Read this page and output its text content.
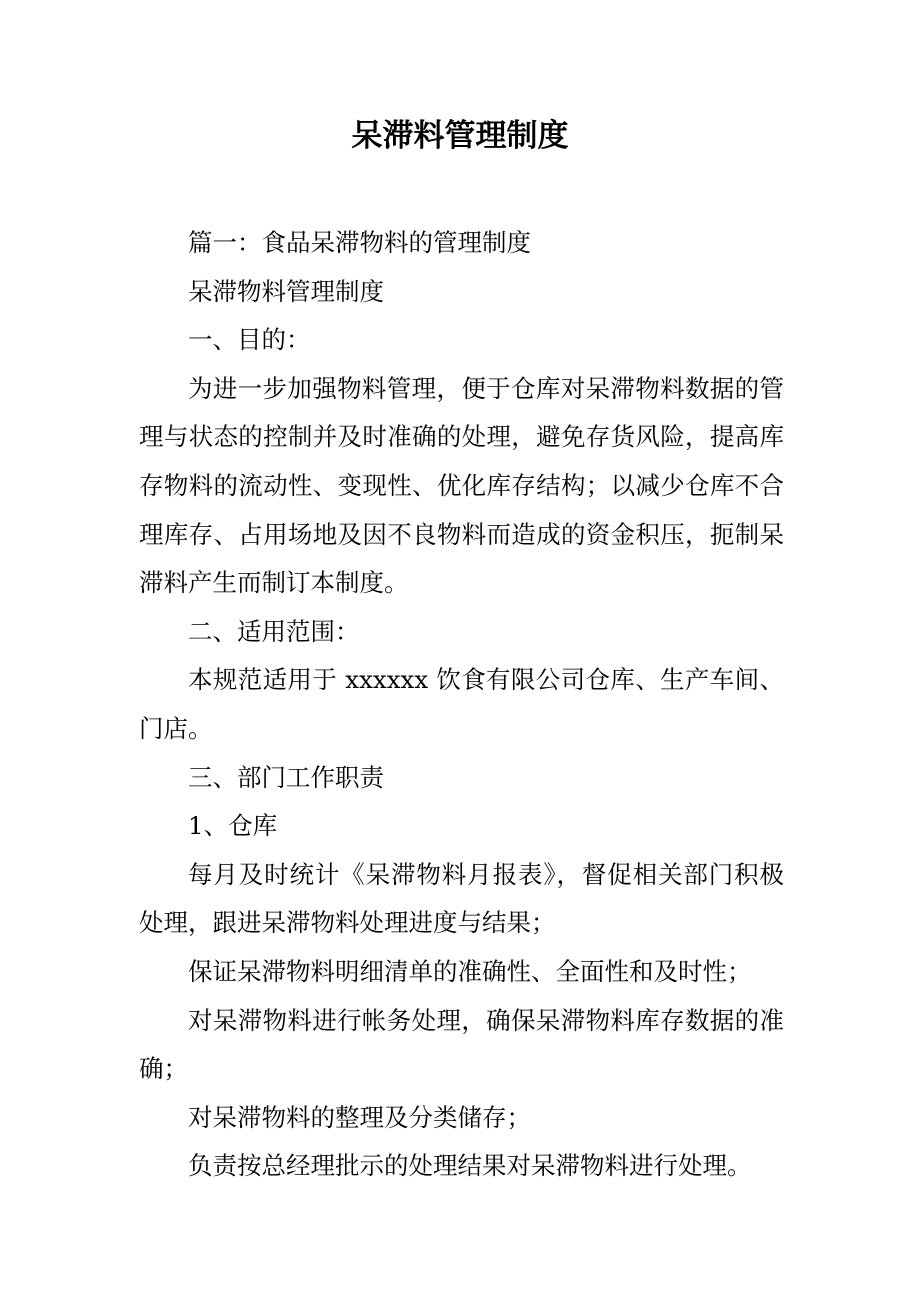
呆滞料管理制度

篇一：食品呆滞物料的管理制度

呆滞物料管理制度

一、目的：

为进一步加强物料管理，便于仓库对呆滞物料数据的管理与状态的控制并及时准确的处理，避免存货风险，提高库存物料的流动性、变现性、优化库存结构；以减少仓库不合理库存、占用场地及因不良物料而造成的资金积压，扼制呆滞料产生而制订本制度。

二、适用范围：

本规范适用于 xxxxxx 饮食有限公司仓库、生产车间、门店。

三、部门工作职责

1、仓库

每月及时统计《呆滞物料月报表》，督促相关部门积极处理，跟进呆滞物料处理进度与结果；

保证呆滞物料明细清单的准确性、全面性和及时性；

对呆滞物料进行帐务处理，确保呆滞物料库存数据的准确；

对呆滞物料的整理及分类储存；

负责按总经理批示的处理结果对呆滞物料进行处理。
